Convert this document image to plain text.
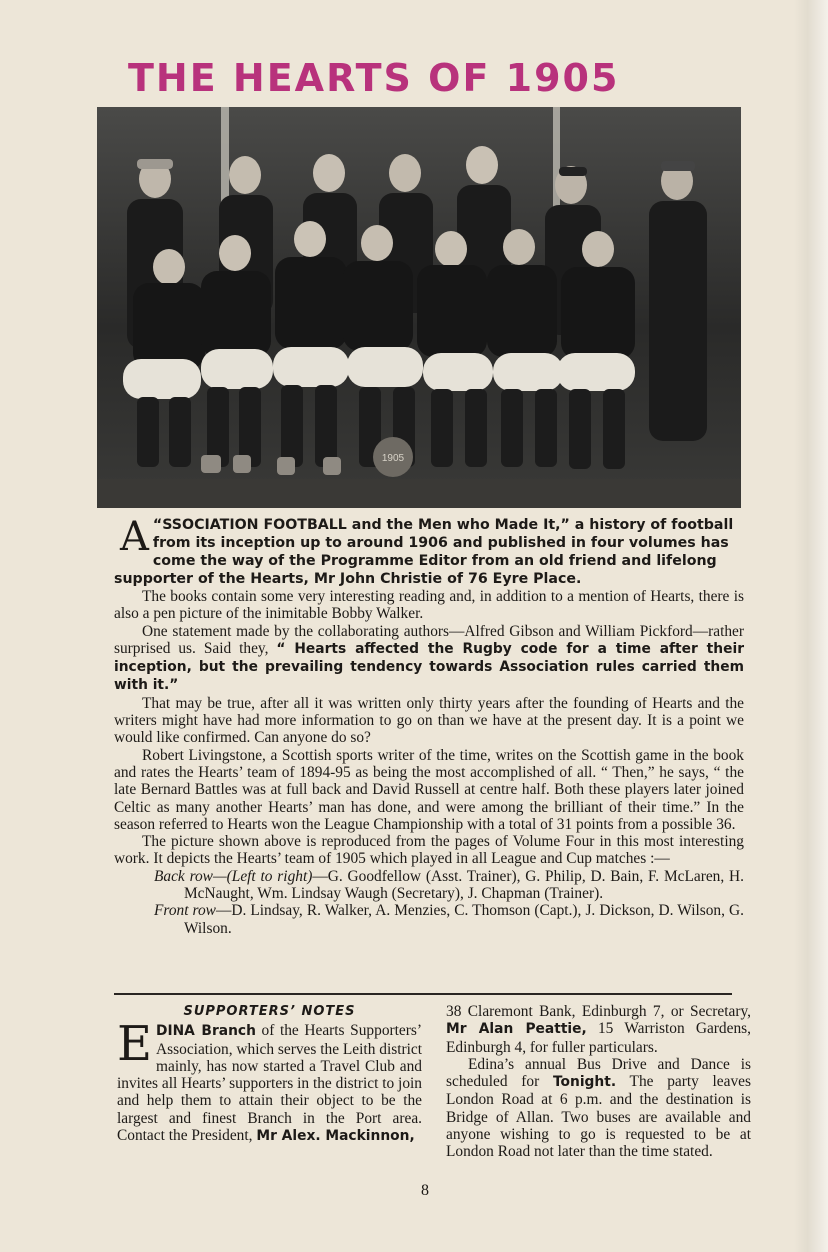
THE HEARTS OF 1905
1905

“
A SSOCIATION FOOTBALL and the Men who Made It,” a history of football from its inception up to around 1906 and published in four volumes has come the way of the Programme Editor from an old friend and lifelong supporter of the Hearts, Mr John Christie of 76 Eyre Place.

The books contain some very interesting reading and, in addition to a mention of Hearts, there is also a pen picture of the inimitable Bobby Walker.

One statement made by the collaborating authors—Alfred Gibson and William Pickford—rather surprised us. Said they, “ Hearts affected the Rugby code for a time after their inception, but the prevailing tendency towards Association rules carried them with it.”

That may be true, after all it was written only thirty years after the founding of Hearts and the writers might have had more information to go on than we have at the present day. It is a point we would like confirmed. Can anyone do so?

Robert Livingstone, a Scottish sports writer of the time, writes on the Scottish game in the book and rates the Hearts’ team of 1894-95 as being the most accomplished of all. “ Then,” he says, “ the late Bernard Battles was at full back and David Russell at centre half. Both these players later joined Celtic as many another Hearts’ man has done, and were among the brilliant of their time.” In the season referred to Hearts won the League Championship with a total of 31 points from a possible 36.

The picture shown above is reproduced from the pages of Volume Four in this most interesting work. It depicts the Hearts’ team of 1905 which played in all League and Cup matches :—

Back row—(Left to right)—G. Goodfellow (Asst. Trainer), G. Philip, D. Bain, F. McLaren, H. McNaught, Wm. Lindsay Waugh (Secretary), J. Chapman (Trainer).

Front row—D. Lindsay, R. Walker, A. Menzies, C. Thomson (Capt.), J. Dickson, D. Wilson, G. Wilson.

SUPPORTERS’ NOTES

EDINA Branch of the Hearts Supporters’ Association, which serves the Leith district mainly, has now started a Travel Club and invites all Hearts’ supporters in the district to join and help them to attain their object to be the largest and finest Branch in the Port area. Contact the President, Mr Alex. Mackinnon,

38 Claremont Bank, Edinburgh 7, or Secretary, Mr Alan Peattie, 15 Warriston Gardens, Edinburgh 4, for fuller particulars.

Edina’s annual Bus Drive and Dance is scheduled for Tonight. The party leaves London Road at 6 p.m. and the destination is Bridge of Allan. Two buses are available and anyone wishing to go is requested to be at London Road not later than the time stated.

8
